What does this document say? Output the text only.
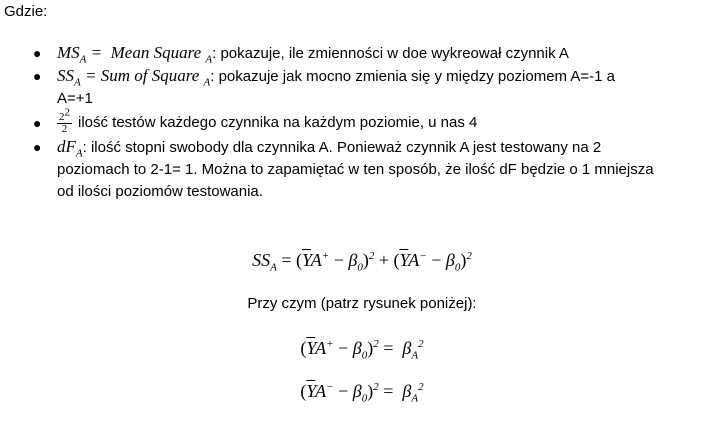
Gdzie:
● $MS_A$ =  Mean Square $_A$: pokazuje, ile zmienności w doe wykreował czynnik A
● $SS_A$ = Sum of Square $_A$: pokazuje jak mocno zmienia się y między poziomem A=-1 a
A=+1
● $\frac{2^2}{2}$ ilość testów każdego czynnika na każdym poziomie, u nas 4
● $dF_A$: ilość stopni swobody dla czynnika A. Ponieważ czynnik A jest testowany na 2
poziomach to 2-1= 1. Można to zapamiętać w ten sposób, że ilość dF będzie o 1 mniejsza
od ilości poziomów testowania.
$SS_A = (\overline{Y}A^+ - \beta_0)^2 + (\overline{Y}A^- - \beta_0)^2$
Przy czym (patrz rysunek poniżej):
$(\overline{Y}A^+ - \beta_0)^2 = \beta_A^2$
$(\overline{Y}A^- - \beta_0)^2 = \beta_A^2$
